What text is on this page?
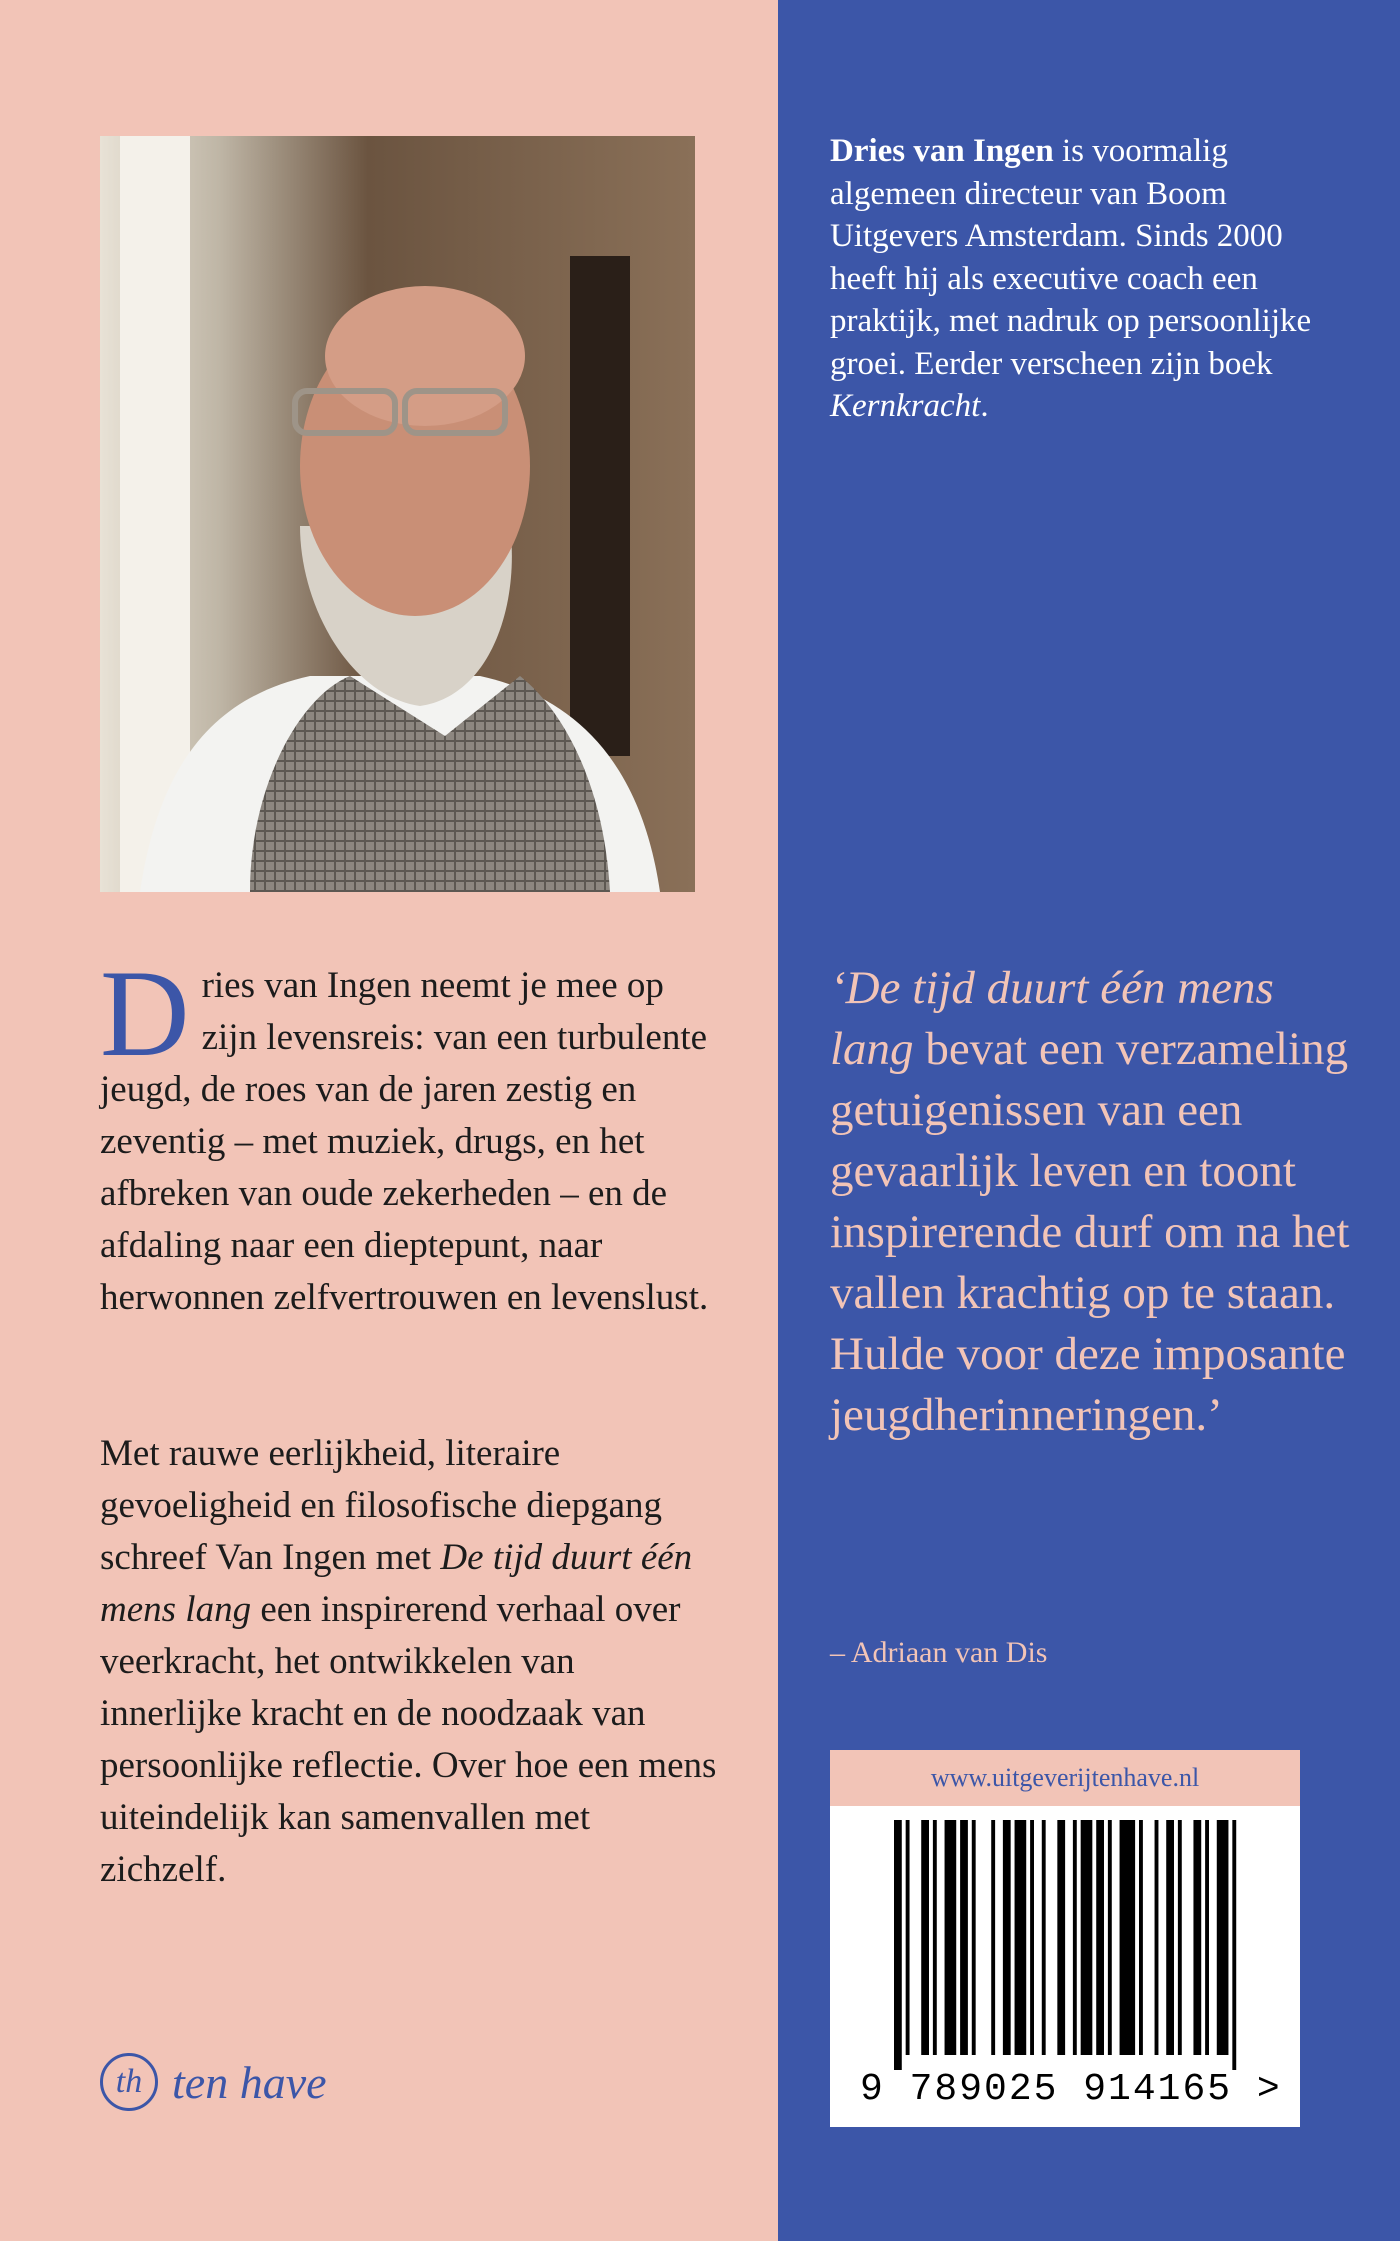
Dries van Ingen neemt je mee op zijn levensreis: van een turbulente jeugd, de roes van de jaren zestig en zeventig – met muziek, drugs, en het afbreken van oude zekerheden – en de afdaling naar een dieptepunt, naar herwonnen zelfvertrouwen en levenslust.
Met rauwe eerlijkheid, literaire gevoeligheid en filosofische diepgang schreef Van Ingen met De tijd duurt één mens lang een inspirerend verhaal over veerkracht, het ontwikkelen van innerlijke kracht en de noodzaak van persoonlijke reflectie. Over hoe een mens uiteindelijk kan samenvallen met zichzelf.
Dries van Ingen is voormalig algemeen directeur van Boom Uitgevers Amsterdam. Sinds 2000 heeft hij als executive coach een praktijk, met nadruk op persoonlijke groei. Eerder verscheen zijn boek Kernkracht.
‘De tijd duurt één mens lang bevat een verzameling getuigenissen van een gevaarlijk leven en toont inspirerende durf om na het vallen krachtig op te staan. Hulde voor deze imposante jeugdherinneringen.’
– Adriaan van Dis
th ten have
www.uitgeverijtenhave.nl
9 789025 914165 >
